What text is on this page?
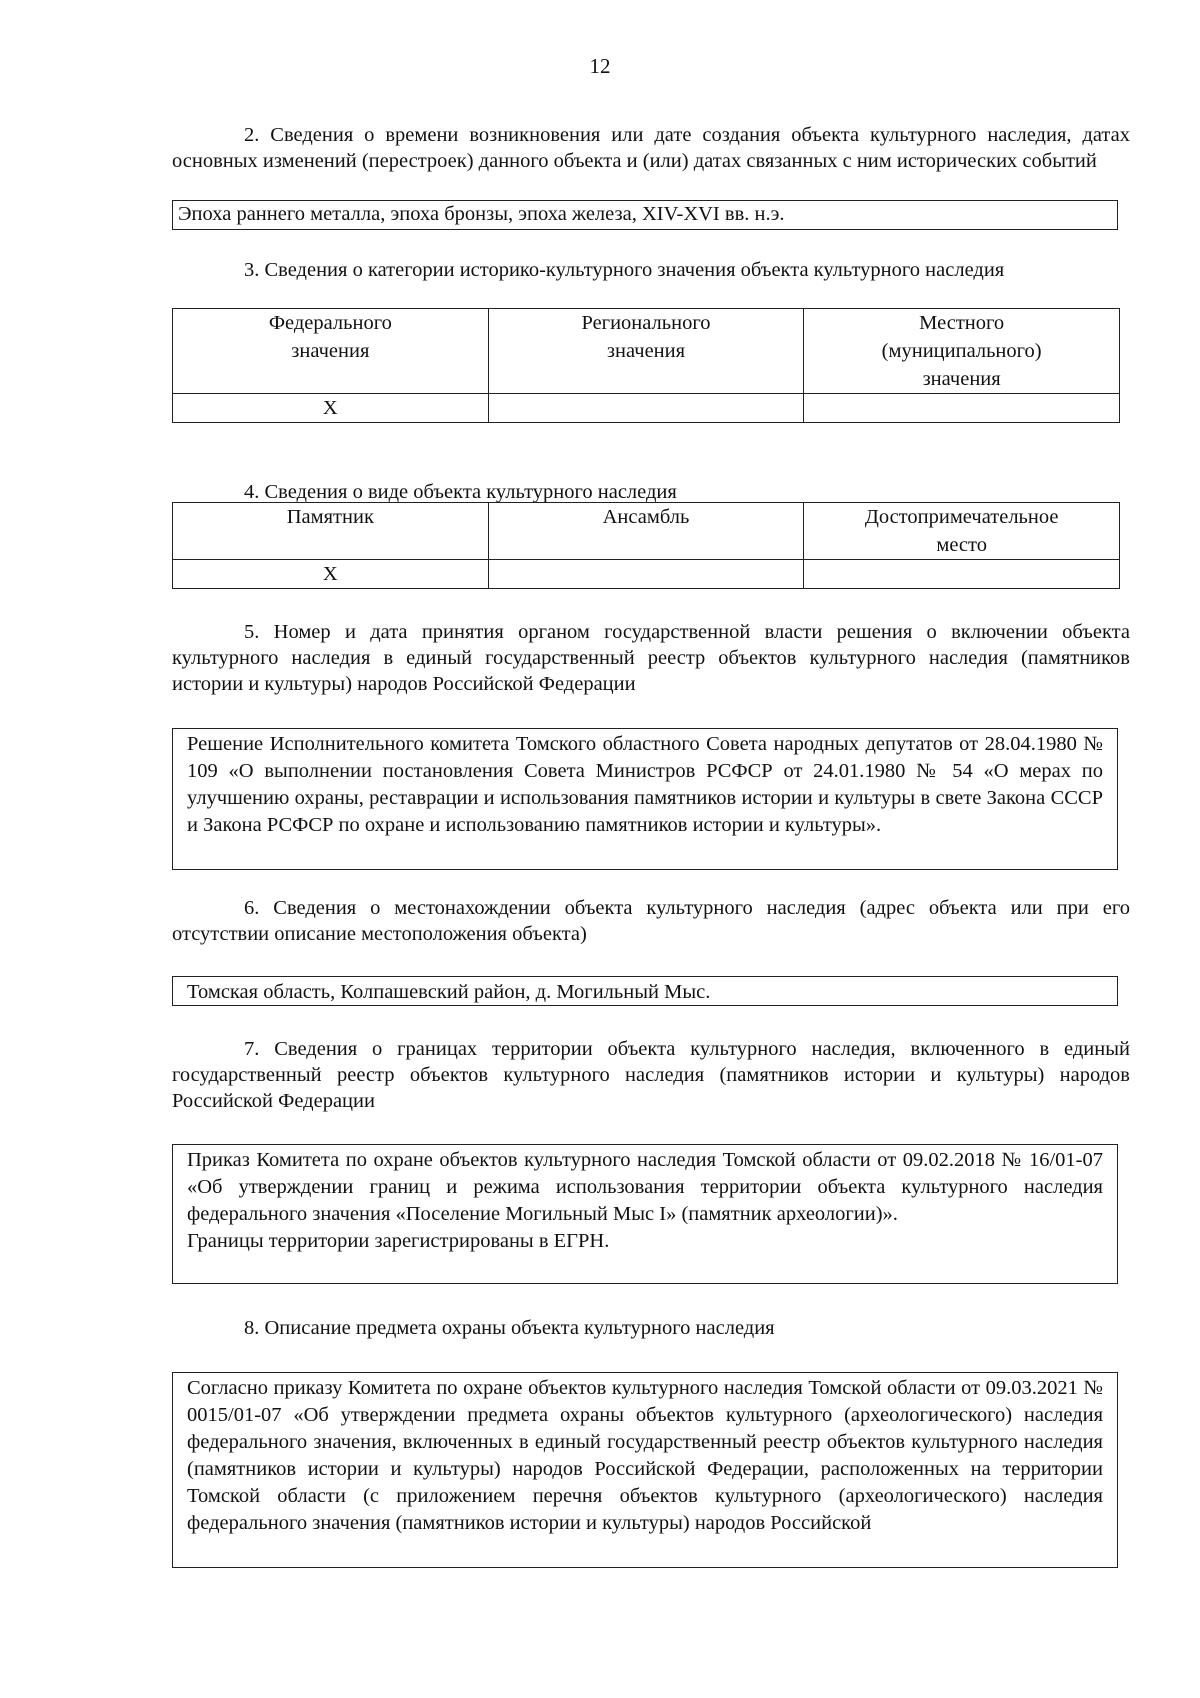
12

2. Сведения о времени возникновения или дате создания объекта культурного наследия, датах основных изменений (перестроек) данного объекта и (или) датах связанных с ним исторических событий

Эпоха раннего металла, эпоха бронзы, эпоха железа, XIV-XVI вв. н.э.

3. Сведения о категории историко-культурного значения объекта культурного наследия

Федерального значения	Регионального значения	Местного (муниципального) значения
X		

4. Сведения о виде объекта культурного наследия

Памятник	Ансамбль	Достопримечательное место
X		

5. Номер и дата принятия органом государственной власти решения о включении объекта культурного наследия в единый государственный реестр объектов культурного наследия (памятников истории и культуры) народов Российской Федерации

Решение Исполнительного комитета Томского областного Совета народных депутатов от 28.04.1980 № 109 «О выполнении постановления Совета Министров РСФСР от 24.01.1980 № 54 «О мерах по улучшению охраны, реставрации и использования памятников истории и культуры в свете Закона СССР и Закона РСФСР по охране и использованию памятников истории и культуры».

6. Сведения о местонахождении объекта культурного наследия (адрес объекта или при его отсутствии описание местоположения объекта)

Томская область, Колпашевский район, д. Могильный Мыс.

7. Сведения о границах территории объекта культурного наследия, включенного в единый государственный реестр объектов культурного наследия (памятников истории и культуры) народов Российской Федерации

Приказ Комитета по охране объектов культурного наследия Томской области от 09.02.2018 № 16/01-07 «Об утверждении границ и режима использования территории объекта культурного наследия федерального значения «Поселение Могильный Мыс I» (памятник археологии)».

Границы территории зарегистрированы в ЕГРН.

8. Описание предмета охраны объекта культурного наследия

Согласно приказу Комитета по охране объектов культурного наследия Томской области от 09.03.2021 № 0015/01-07 «Об утверждении предмета охраны объектов культурного (археологического) наследия федерального значения, включенных в единый государственный реестр объектов культурного наследия (памятников истории и культуры) народов Российской Федерации, расположенных на территории Томской области (с приложением перечня объектов культурного (археологического) наследия федерального значения (памятников истории и культуры) народов Российской
